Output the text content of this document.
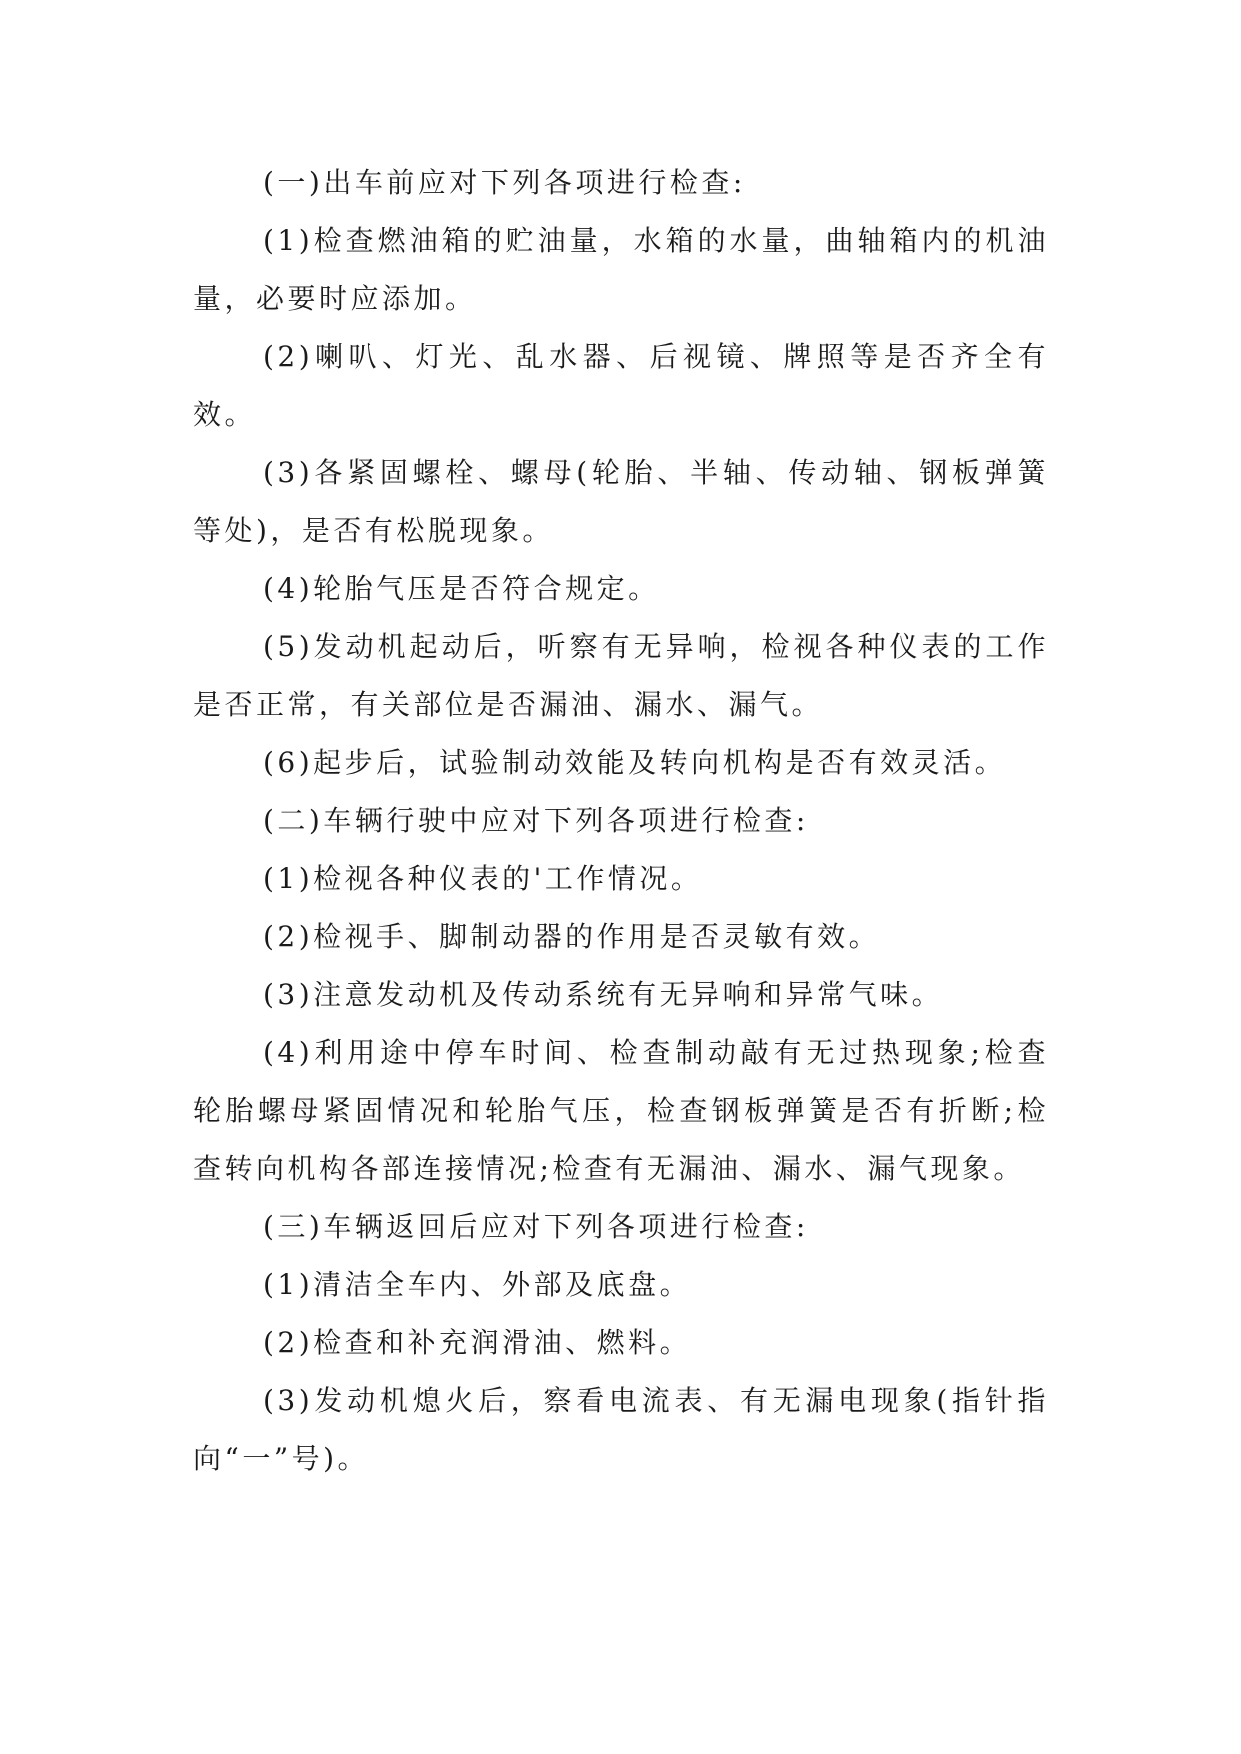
(一)出车前应对下列各项进行检查:

(1)检查燃油箱的贮油量，水箱的水量，曲轴箱内的机油量，必要时应添加。

(2)喇叭、灯光、乱水器、后视镜、牌照等是否齐全有效。

(3)各紧固螺栓、螺母(轮胎、半轴、传动轴、钢板弹簧等处)，是否有松脱现象。

(4)轮胎气压是否符合规定。

(5)发动机起动后，听察有无异响，检视各种仪表的工作是否正常，有关部位是否漏油、漏水、漏气。

(6)起步后，试验制动效能及转向机构是否有效灵活。

(二)车辆行驶中应对下列各项进行检查:

(1)检视各种仪表的'工作情况。

(2)检视手、脚制动器的作用是否灵敏有效。

(3)注意发动机及传动系统有无异响和异常气味。

(4)利用途中停车时间、检查制动敲有无过热现象;检查轮胎螺母紧固情况和轮胎气压，检查钢板弹簧是否有折断;检查转向机构各部连接情况;检查有无漏油、漏水、漏气现象。

(三)车辆返回后应对下列各项进行检查:

(1)清洁全车内、外部及底盘。

(2)检查和补充润滑油、燃料。

(3)发动机熄火后，察看电流表、有无漏电现象(指针指向“一”号)。
